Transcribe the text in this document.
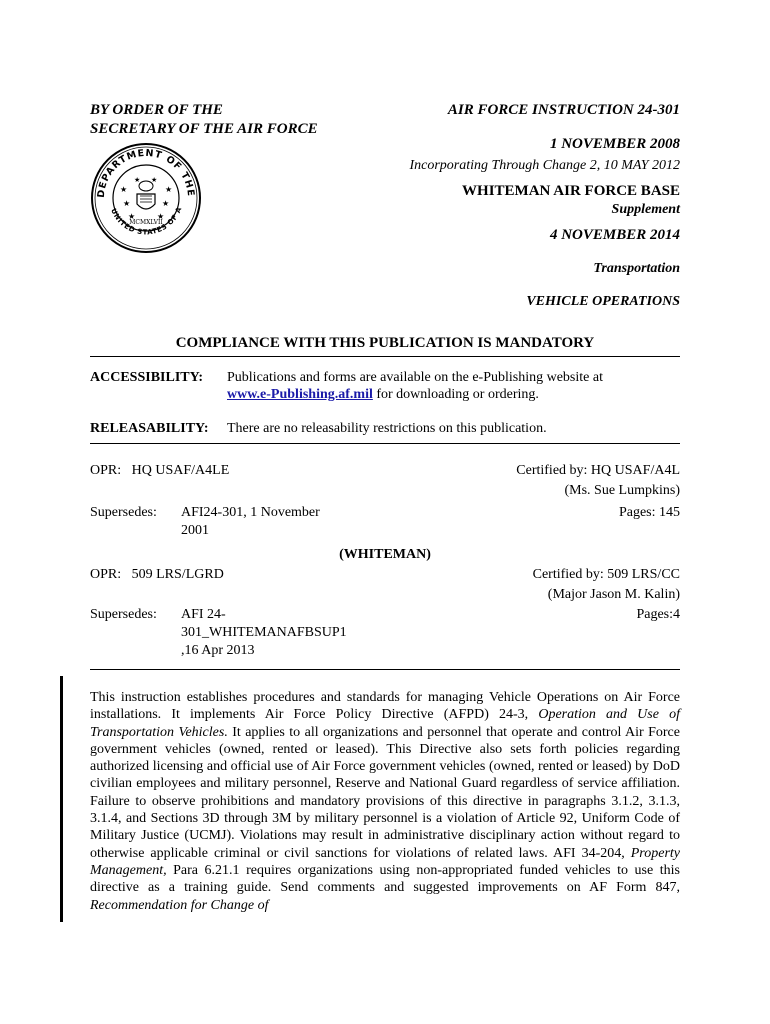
BY ORDER OF THE
SECRETARY OF THE AIR FORCE
DEPARTMENT OF THE
UNITED STATES OF A
★
★
★
★
★
★
★ ★
MCMXLVII
AIR FORCE INSTRUCTION 24-301
1 NOVEMBER 2008
Incorporating Through Change 2, 10 MAY 2012
WHITEMAN AIR FORCE BASE
Supplement
4 NOVEMBER 2014
Transportation
VEHICLE OPERATIONS
COMPLIANCE WITH THIS PUBLICATION IS MANDATORY
ACCESSIBILITY: Publications and forms are available on the e-Publishing website at
www.e-Publishing.af.mil for downloading or ordering.
RELEASABILITY: There are no releasability restrictions on this publication.
OPR:   HQ USAF/A4LE	Certified by: HQ USAF/A4L
(Ms. Sue Lumpkins)
Supersedes: AFI24-301, 1 November
2001
Pages: 145
(WHITEMAN)
OPR:   509 LRS/LGRD	Certified by: 509 LRS/CC
(Major Jason M. Kalin)
Supersedes: AFI 24-
301_WHITEMANAFBSUP1
,16 Apr 2013
Pages:4
This instruction establishes procedures and standards for managing Vehicle Operations on Air Force installations. It implements Air Force Policy Directive (AFPD) 24-3, Operation and Use of Transportation Vehicles. It applies to all organizations and personnel that operate and control Air Force government vehicles (owned, rented or leased). This Directive also sets forth policies regarding authorized licensing and official use of Air Force government vehicles (owned, rented or leased) by DoD civilian employees and military personnel, Reserve and National Guard regardless of service affiliation. Failure to observe prohibitions and mandatory provisions of this directive in paragraphs 3.1.2, 3.1.3, 3.1.4, and Sections 3D through 3M by military personnel is a violation of Article 92, Uniform Code of Military Justice (UCMJ). Violations may result in administrative disciplinary action without regard to otherwise applicable criminal or civil sanctions for violations of related laws. AFI 34-204, Property Management, Para 6.21.1 requires organizations using non-appropriated funded vehicles to use this directive as a training guide. Send comments and suggested improvements on AF Form 847, Recommendation for Change of
